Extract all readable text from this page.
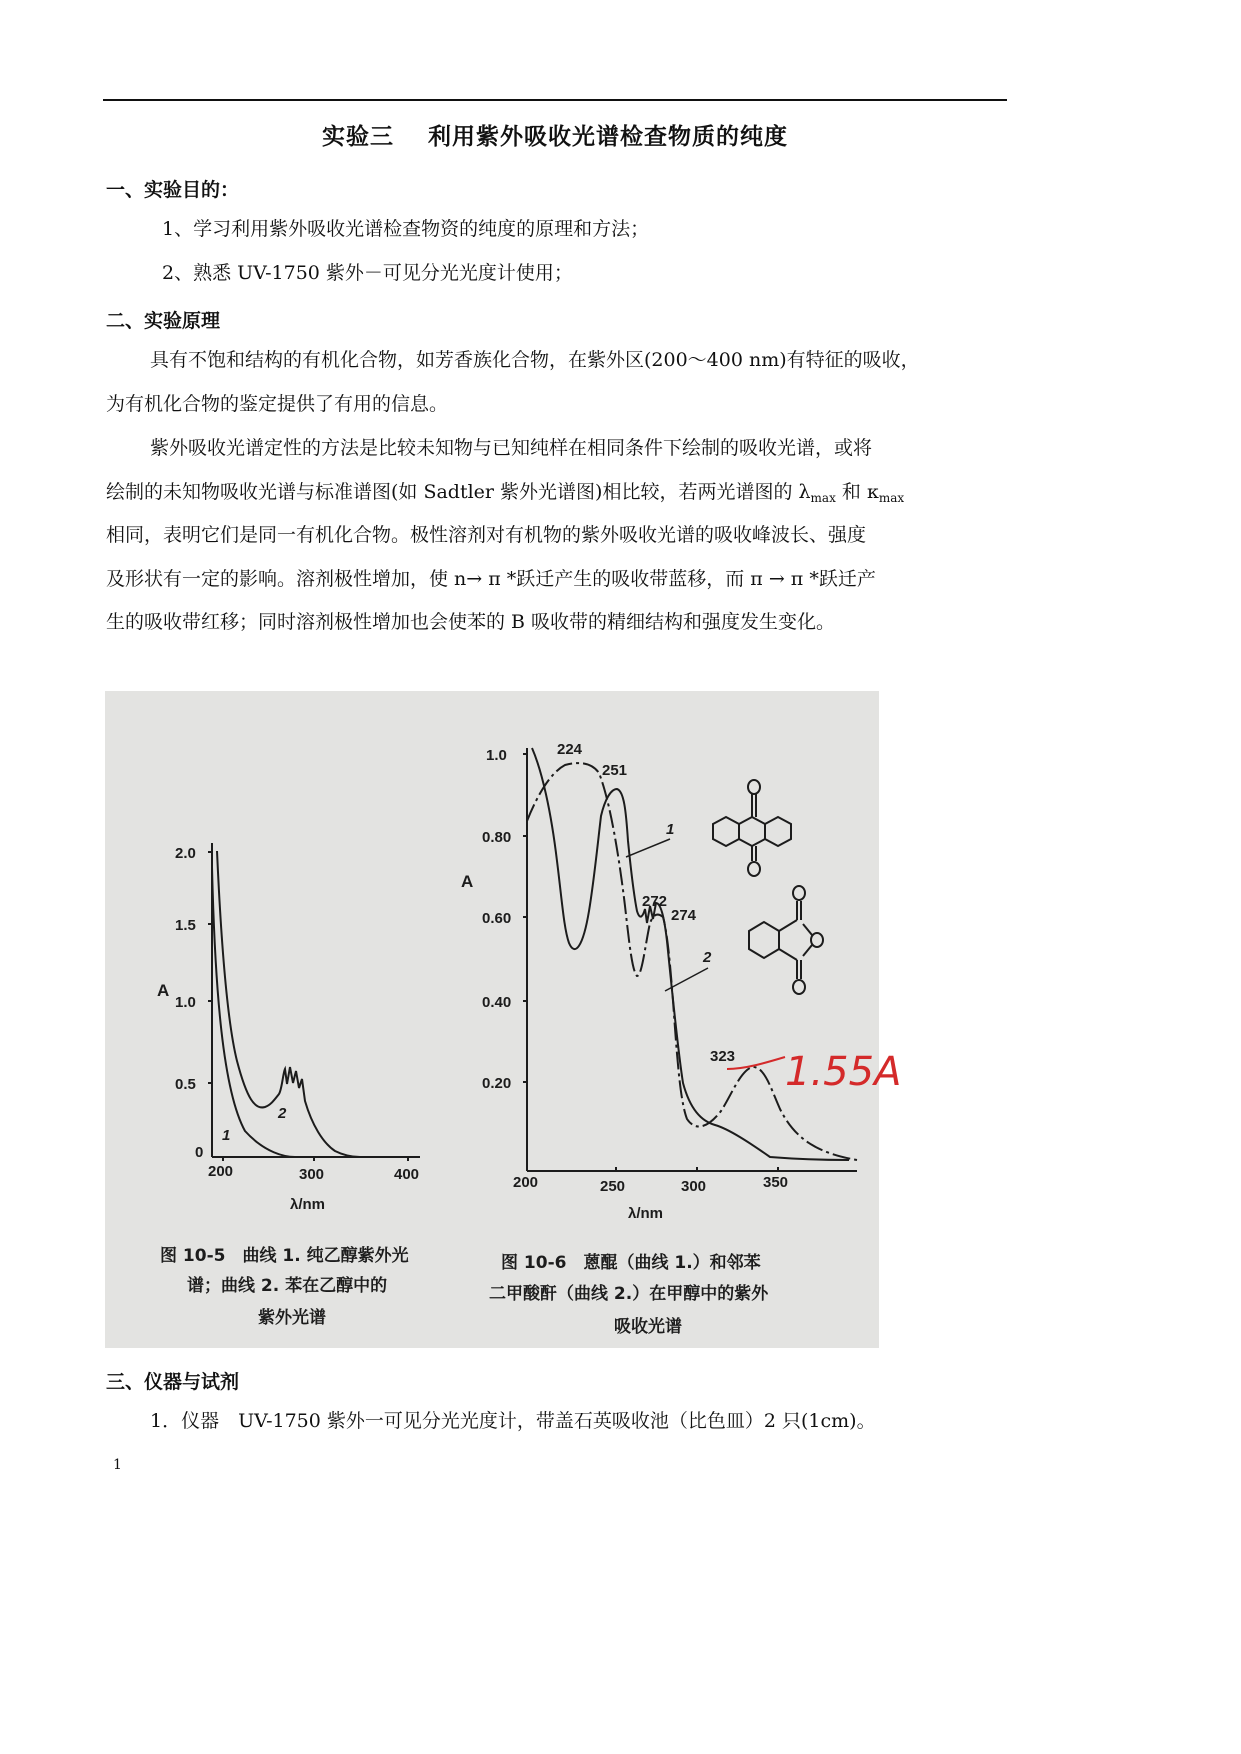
实验三 利用紫外吸收光谱检查物质的纯度
一、实验目的：
1、学习利用紫外吸收光谱检查物资的纯度的原理和方法；
2、熟悉 UV-1750 紫外－可见分光光度计使用；
二、实验原理
具有不饱和结构的有机化合物，如芳香族化合物，在紫外区(200～400 nm)有特征的吸收，
为有机化合物的鉴定提供了有用的信息。
紫外吸收光谱定性的方法是比较未知物与已知纯样在相同条件下绘制的吸收光谱，或将
绘制的未知物吸收光谱与标准谱图(如 Sadtler 紫外光谱图)相比较，若两光谱图的 $\lambda_{max}$ 和 $\kappa_{max}$
相同，表明它们是同一有机化合物。极性溶剂对有机物的紫外吸收光谱的吸收峰波长、强度
及形状有一定的影响。溶剂极性增加，使 n→ π *跃迁产生的吸收带蓝移，而 π → π *跃迁产
生的吸收带红移；同时溶剂极性增加也会使苯的 B 吸收带的精细结构和强度发生变化。
2.0
1.5
1.0
0.5
0
A
200	300	400
λ/nm
1
2
1.0
0.80
0.60
0.40
0.20
A
200	250	300	350
λ/nm
224
251
272
274
323
1
2
1.55A
图 10-5　曲线 1. 纯乙醇紫外光
谱；曲线 2. 苯在乙醇中的
紫外光谱
图 10-6　蒽醌（曲线 1.）和邻苯
二甲酸酐（曲线 2.）在甲醇中的紫外
吸收光谱
三、仪器与试剂
1．仪器　UV-1750 紫外一可见分光光度计，带盖石英吸收池（比色皿）2 只(1cm)。
1
